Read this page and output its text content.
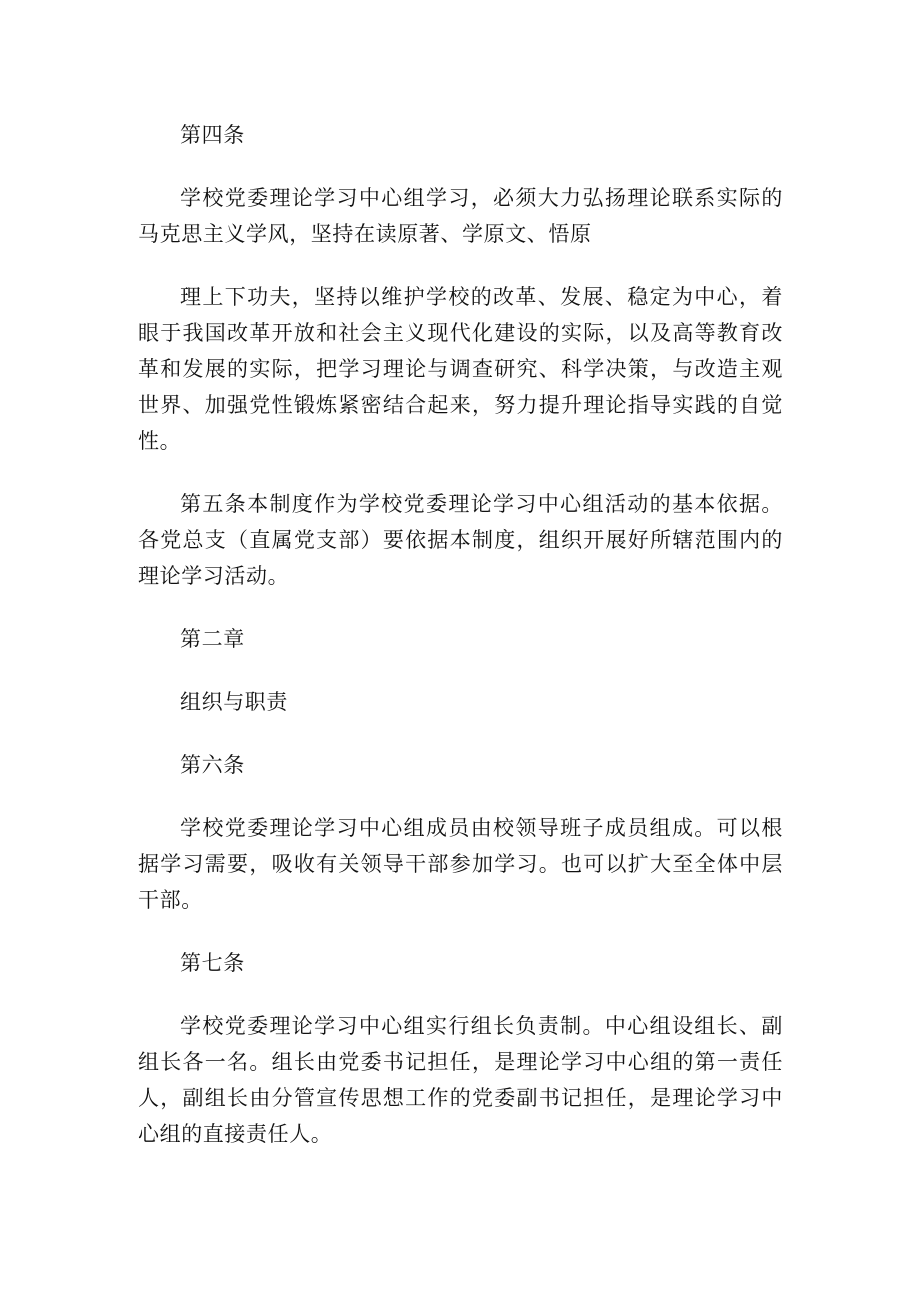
第四条

学校党委理论学习中心组学习，必须大力弘扬理论联系实际的马克思主义学风，坚持在读原著、学原文、悟原

理上下功夫，坚持以维护学校的改革、发展、稳定为中心，着眼于我国改革开放和社会主义现代化建设的实际，以及高等教育改革和发展的实际，把学习理论与调查研究、科学决策，与改造主观世界、加强党性锻炼紧密结合起来，努力提升理论指导实践的自觉性。

第五条本制度作为学校党委理论学习中心组活动的基本依据。各党总支（直属党支部）要依据本制度，组织开展好所辖范围内的理论学习活动。

第二章

组织与职责

第六条

学校党委理论学习中心组成员由校领导班子成员组成。可以根据学习需要，吸收有关领导干部参加学习。也可以扩大至全体中层干部。

第七条

学校党委理论学习中心组实行组长负责制。中心组设组长、副组长各一名。组长由党委书记担任，是理论学习中心组的第一责任人，副组长由分管宣传思想工作的党委副书记担任，是理论学习中心组的直接责任人。
